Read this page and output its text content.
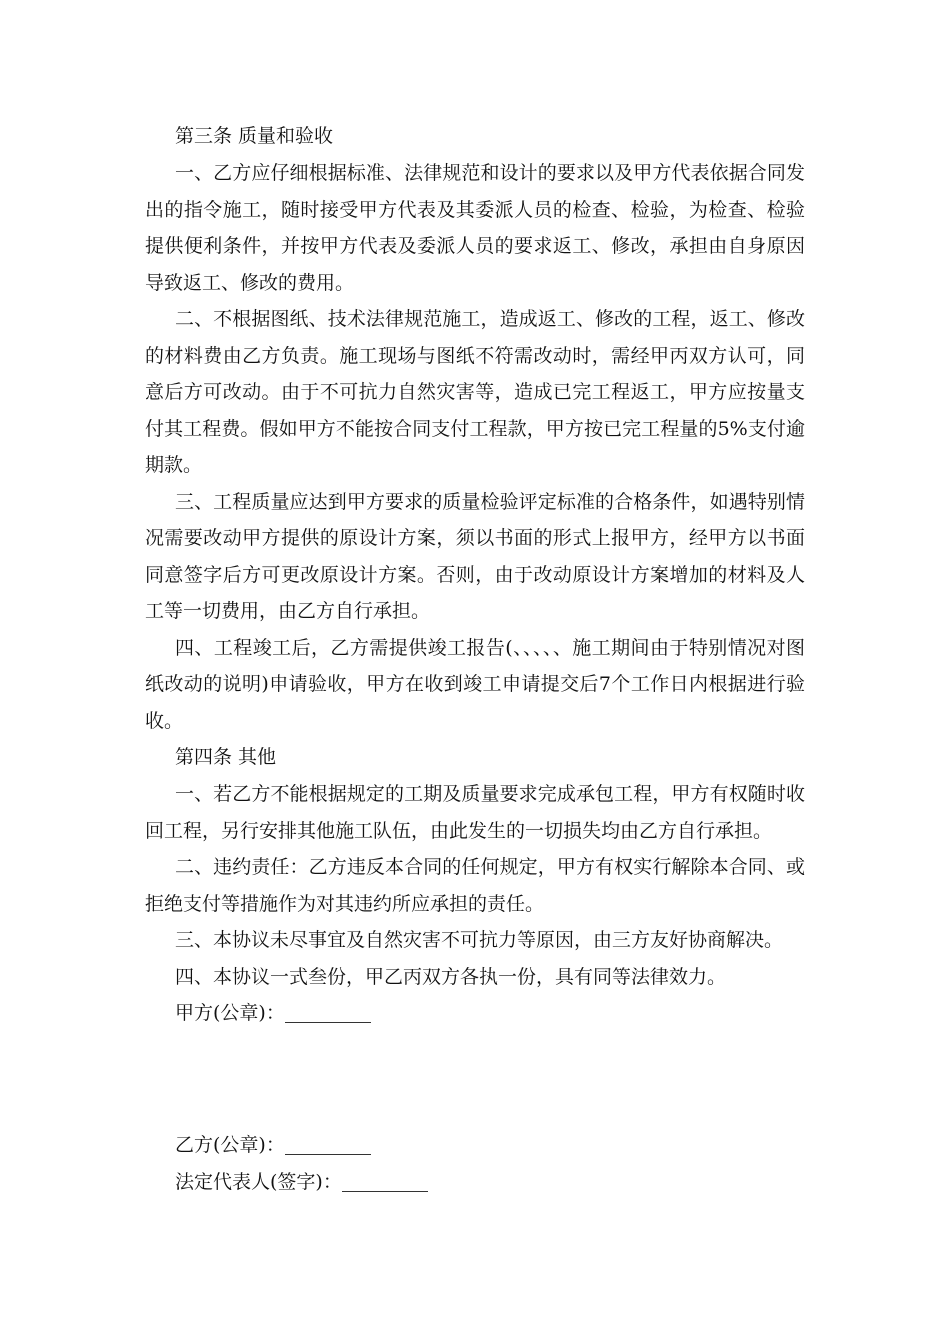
第三条 质量和验收

一、乙方应仔细根据标准、法律规范和设计的要求以及甲方代表依据合同发出的指令施工，随时接受甲方代表及其委派人员的检查、检验，为检查、检验提供便利条件，并按甲方代表及委派人员的要求返工、修改，承担由自身原因导致返工、修改的费用。

二、不根据图纸、技术法律规范施工，造成返工、修改的工程，返工、修改的材料费由乙方负责。施工现场与图纸不符需改动时，需经甲丙双方认可，同意后方可改动。由于不可抗力自然灾害等，造成已完工程返工，甲方应按量支付其工程费。假如甲方不能按合同支付工程款，甲方按已完工程量的5%支付逾期款。

三、工程质量应达到甲方要求的质量检验评定标准的合格条件，如遇特别情况需要改动甲方提供的原设计方案，须以书面的形式上报甲方，经甲方以书面同意签字后方可更改原设计方案。否则，由于改动原设计方案增加的材料及人工等一切费用，由乙方自行承担。

四、工程竣工后，乙方需提供竣工报告(、、、、、施工期间由于特别情况对图纸改动的说明)申请验收，甲方在收到竣工申请提交后7个工作日内根据进行验收。

第四条 其他

一、若乙方不能根据规定的工期及质量要求完成承包工程，甲方有权随时收回工程，另行安排其他施工队伍，由此发生的一切损失均由乙方自行承担。

二、违约责任：乙方违反本合同的任何规定，甲方有权实行解除本合同、或拒绝支付等措施作为对其违约所应承担的责任。

三、本协议未尽事宜及自然灾害不可抗力等原因，由三方友好协商解决。

四、本协议一式叁份，甲乙丙双方各执一份，具有同等法律效力。

甲方(公章)：
乙方(公章)：
法定代表人(签字)：
